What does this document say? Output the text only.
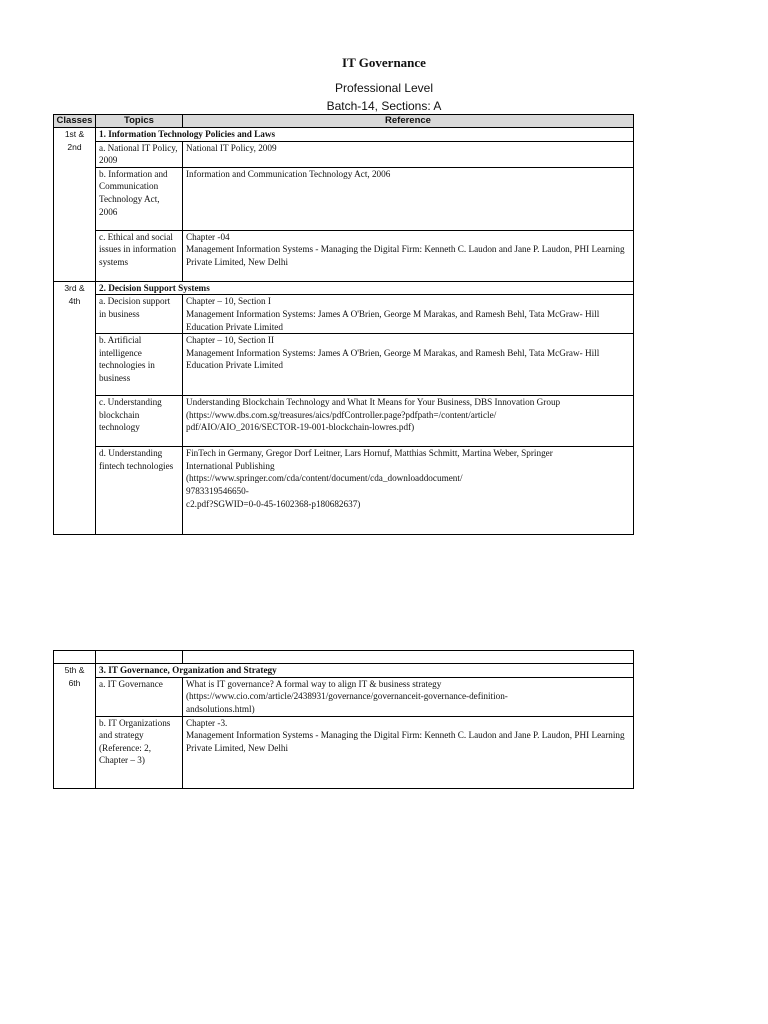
IT Governance
Professional Level
Batch-14, Sections: A
Classes	Topics	Reference
1st &
2nd	1. Information Technology Policies and Laws	
	a. National IT Policy, 2009	National IT Policy, 2009
	b. Information and Communication Technology Act, 2006	Information and Communication Technology Act, 2006
	c. Ethical and social issues in information systems	Chapter -04
Management Information Systems - Managing the Digital Firm: Kenneth C. Laudon and Jane P. Laudon, PHI Learning Private Limited, New Delhi
3rd &
4th	2. Decision Support Systems	
	a. Decision support in business	Chapter – 10, Section I
Management Information Systems: James A O'Brien, George M Marakas, and Ramesh Behl, Tata McGraw- Hill Education Private Limited
	b. Artificial intelligence technologies in business	Chapter – 10, Section II
Management Information Systems: James A O'Brien, George M Marakas, and Ramesh Behl, Tata McGraw- Hill Education Private Limited
	c. Understanding blockchain technology	Understanding Blockchain Technology and What It Means for Your Business, DBS Innovation Group
(https://www.dbs.com.sg/treasures/aics/pdfController.page?pdfpath=/content/article/
pdf/AIO/AIO_2016/SECTOR-19-001-blockchain-lowres.pdf)
	d. Understanding fintech technologies	FinTech in Germany, Gregor Dorf Leitner, Lars Hornuf, Matthias Schmitt, Martina Weber, Springer
International Publishing
(https://www.springer.com/cda/content/document/cda_downloaddocument/
9783319546650-
c2.pdf?SGWID=0-0-45-1602368-p180682637)

5th &
6th	3. IT Governance, Organization and Strategy	
	a. IT Governance	What is IT governance? A formal way to align IT & business strategy
(https://www.cio.com/article/2438931/governance/governanceit-governance-definition-
andsolutions.html)
	b. IT Organizations and strategy (Reference: 2, Chapter – 3)	Chapter -3.
Management Information Systems - Managing the Digital Firm: Kenneth C. Laudon and Jane P. Laudon, PHI Learning Private Limited, New Delhi
